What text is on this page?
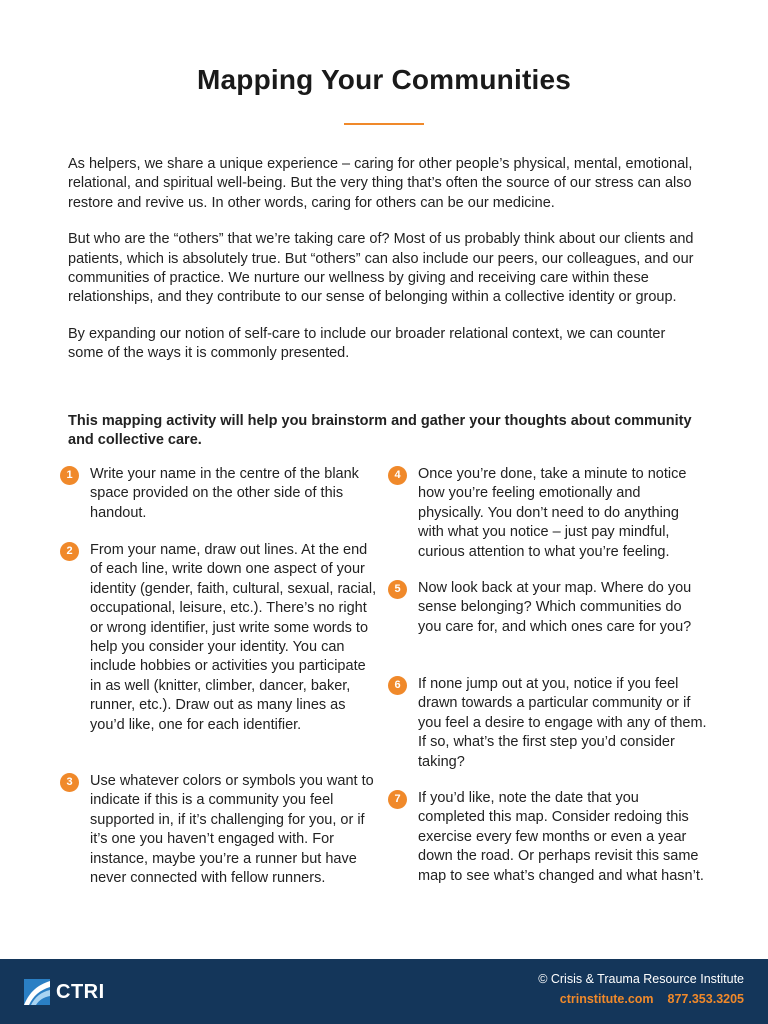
Mapping Your Communities

As helpers, we share a unique experience – caring for other people’s physical, mental, emotional, relational, and spiritual well-being. But the very thing that’s often the source of our stress can also restore and revive us. In other words, caring for others can be our medicine.

But who are the “others” that we’re taking care of? Most of us probably think about our clients and patients, which is absolutely true. But “others” can also include our peers, our colleagues, and our communities of practice. We nurture our wellness by giving and receiving care within these relationships, and they contribute to our sense of belonging within a collective identity or group.

By expanding our notion of self-care to include our broader relational context, we can counter some of the ways it is commonly presented.

This mapping activity will help you brainstorm and gather your thoughts about community and collective care.

1	Write your name in the centre of the blank space provided on the other side of this handout.

2	From your name, draw out lines. At the end of each line, write down one aspect of your identity (gender, faith, cultural, sexual, racial, occupational, leisure, etc.). There’s no right or wrong identifier, just write some words to help you consider your identity. You can include hobbies or activities you participate in as well (knitter, climber, dancer, baker, runner, etc.). Draw out as many lines as you’d like, one for each identifier.

3	Use whatever colors or symbols you want to indicate if this is a community you feel supported in, if it’s challenging for you, or if it’s one you haven’t engaged with. For instance, maybe you’re a runner but have never connected with fellow runners.

4	Once you’re done, take a minute to notice how you’re feeling emotionally and physically. You don’t need to do anything with what you notice – just pay mindful, curious attention to what you’re feeling.

5	Now look back at your map. Where do you sense belonging? Which communities do you care for, and which ones care for you?

6	If none jump out at you, notice if you feel drawn towards a particular community or if you feel a desire to engage with any of them. If so, what’s the first step you’d consider taking?

7	If you’d like, note the date that you completed this map. Consider redoing this exercise every few months or even a year down the road. Or perhaps revisit this same map to see what’s changed and what hasn’t.

CTRI
© Crisis & Trauma Resource Institute
ctrinstitute.com 877.353.3205
